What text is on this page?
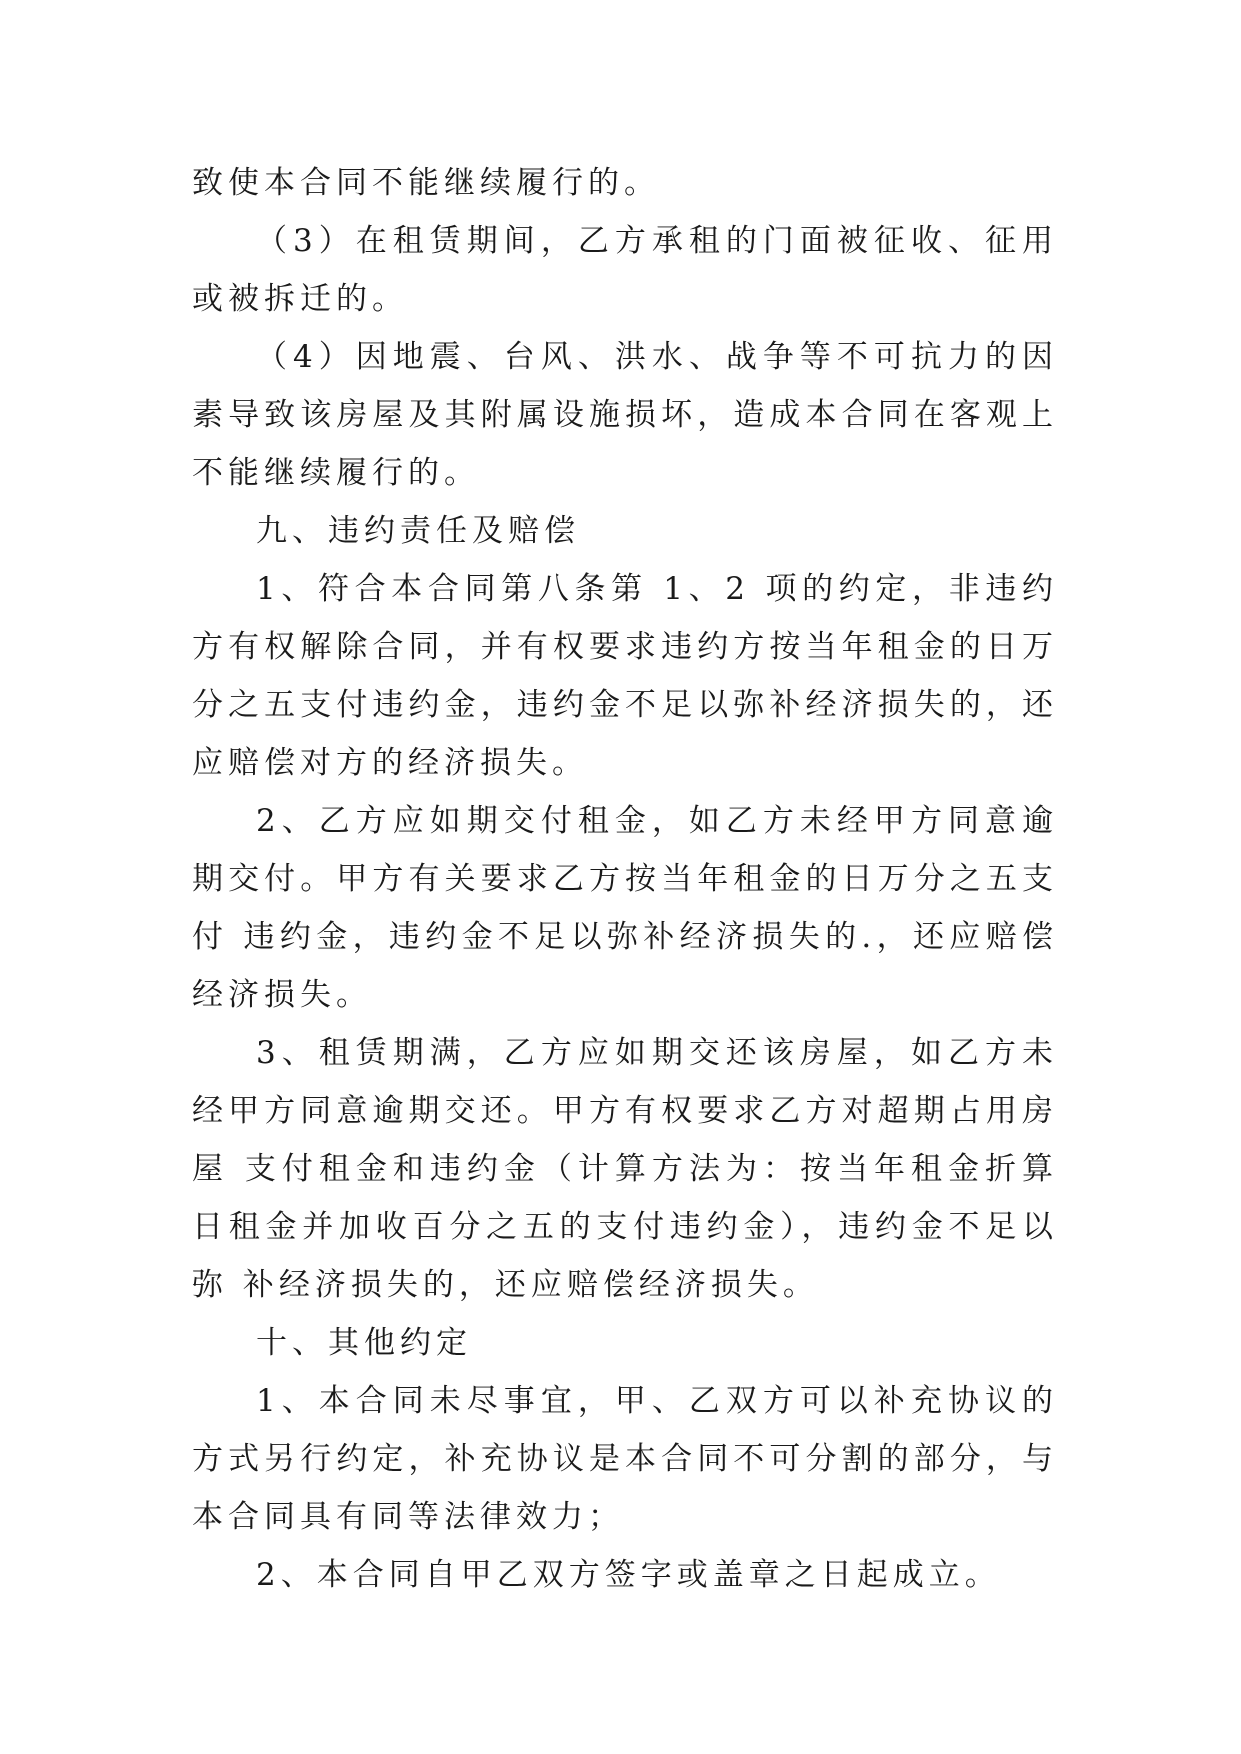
致使本合同不能继续履行的。

（3）在租赁期间，乙方承租的门面被征收、征用或被拆迁的。

（4）因地震、台风、洪水、战争等不可抗力的因素导致该房屋及其附属设施损坏，造成本合同在客观上不能继续履行的。

九、违约责任及赔偿

1、符合本合同第八条第 1、2 项的约定，非违约方有权解除合同，并有权要求违约方按当年租金的日万分之五支付违约金，违约金不足以弥补经济损失的，还应赔偿对方的经济损失。

2、乙方应如期交付租金，如乙方未经甲方同意逾期交付。甲方有关要求乙方按当年租金的日万分之五支付 违约金，违约金不足以弥补经济损失的.，还应赔偿经济损失。

3、租赁期满，乙方应如期交还该房屋，如乙方未经甲方同意逾期交还。甲方有权要求乙方对超期占用房屋 支付租金和违约金（计算方法为：按当年租金折算日租金并加收百分之五的支付违约金），违约金不足以弥 补经济损失的，还应赔偿经济损失。

十、其他约定

1、本合同未尽事宜，甲、乙双方可以补充协议的方式另行约定，补充协议是本合同不可分割的部分，与本合同具有同等法律效力；

2、本合同自甲乙双方签字或盖章之日起成立。
